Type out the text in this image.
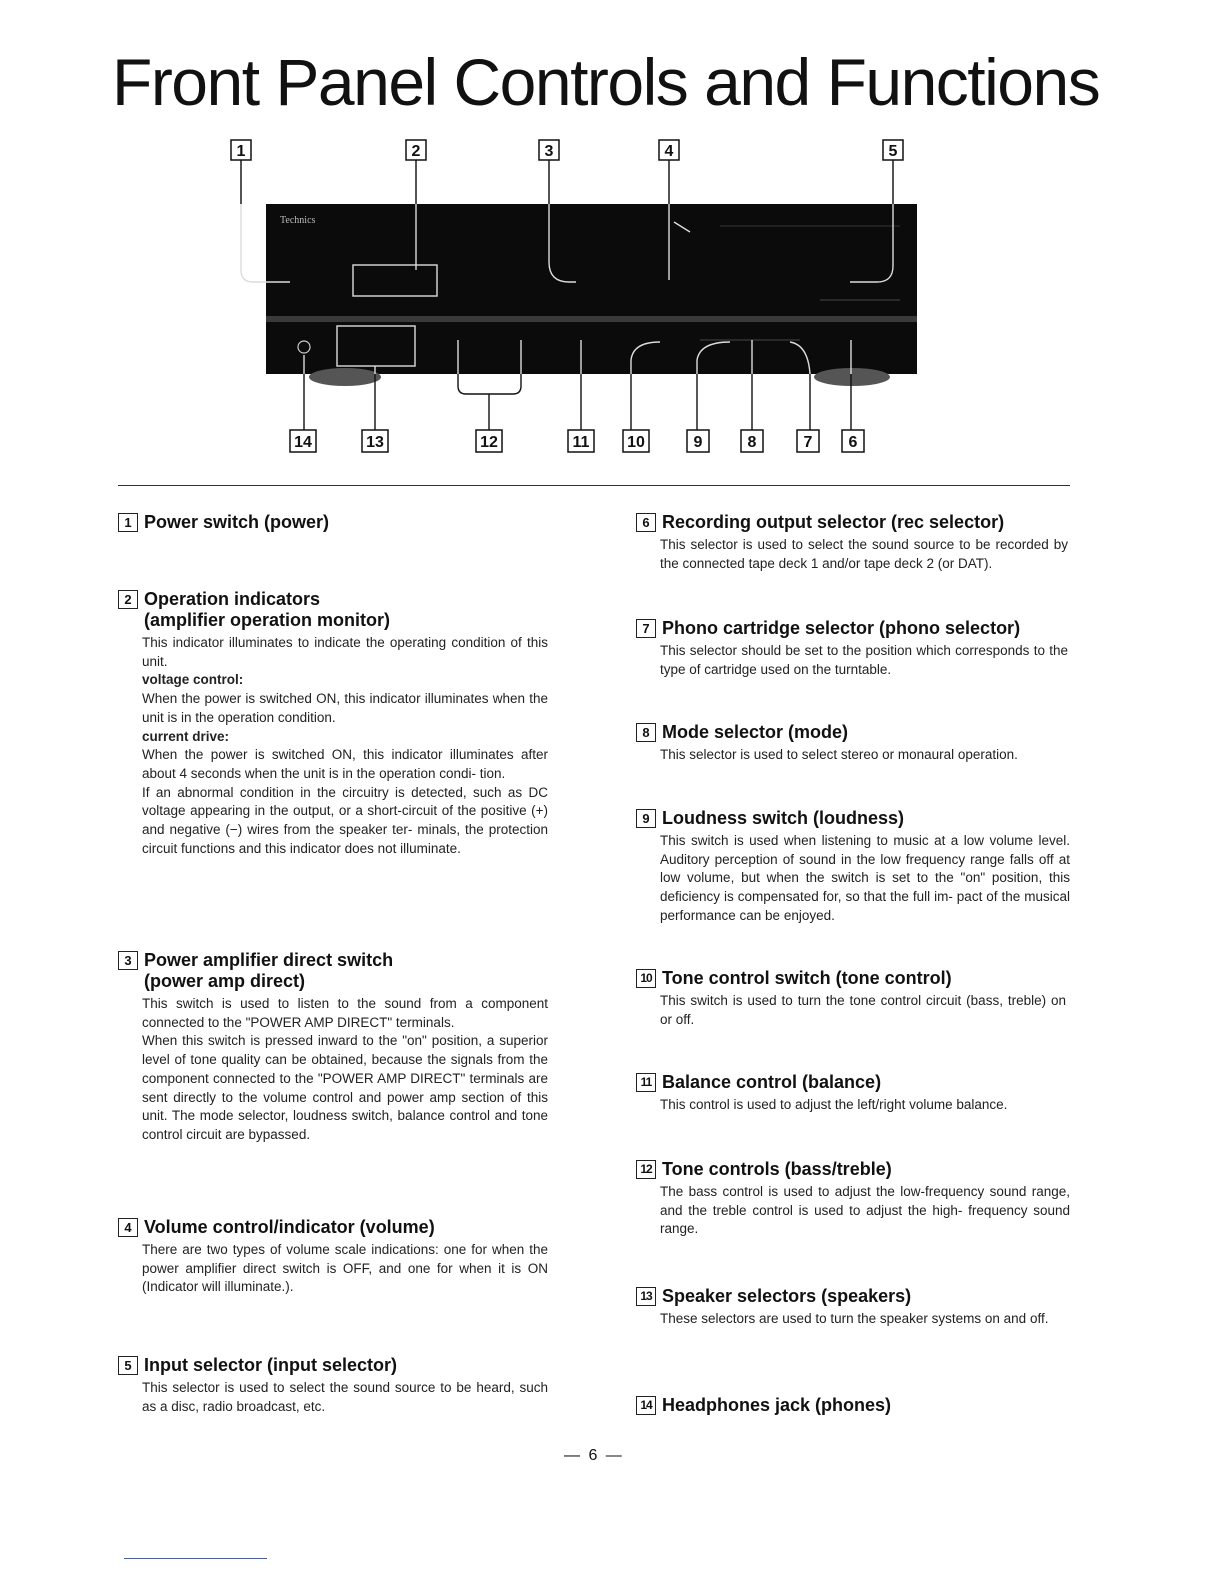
Front Panel Controls and Functions
Technics
1	2	3	4	5
14	13	12	11 10	9	8	7 6
1 Power switch (power)
2 Operation indicators
(amplifier operation monitor)

This indicator illuminates to indicate the operating condition of this unit.

voltage control:
When the power is switched ON, this indicator illuminates when the unit is in the operation condition.

current drive:
When the power is switched ON, this indicator illuminates after about 4 seconds when the unit is in the operation condi- tion.

If an abnormal condition in the circuitry is detected, such as DC voltage appearing in the output, or a short-circuit of the positive (+) and negative (−) wires from the speaker ter- minals, the protection circuit functions and this indicator does not illuminate.

3 Power amplifier direct switch
(power amp direct)

This switch is used to listen to the sound from a component connected to the "POWER AMP DIRECT" terminals.

When this switch is pressed inward to the "on" position, a superior level of tone quality can be obtained, because the signals from the component connected to the "POWER AMP DIRECT" terminals are sent directly to the volume control and power amp section of this unit. The mode selector, loudness switch, balance control and tone control circuit are bypassed.

4 Volume control/indicator (volume)

There are two types of volume scale indications: one for when the power amplifier direct switch is OFF, and one for when it is ON (Indicator will illuminate.).

5 Input selector (input selector)

This selector is used to select the sound source to be heard, such as a disc, radio broadcast, etc.

6 Recording output selector (rec selector)

This selector is used to select the sound source to be recorded by the connected tape deck 1 and/or tape deck 2 (or DAT).

7 Phono cartridge selector (phono selector)

This selector should be set to the position which corresponds to the type of cartridge used on the turntable.

8 Mode selector (mode)

This selector is used to select stereo or monaural operation.

9 Loudness switch (loudness)

This switch is used when listening to music at a low volume level. Auditory perception of sound in the low frequency range falls off at low volume, but when the switch is set to the "on" position, this deficiency is compensated for, so that the full im- pact of the musical performance can be enjoyed.

10 Tone control switch (tone control)

This switch is used to turn the tone control circuit (bass, treble) on or off.

11 Balance control (balance)

This control is used to adjust the left/right volume balance.

12 Tone controls (bass/treble)

The bass control is used to adjust the low-frequency sound range, and the treble control is used to adjust the high- frequency sound range.

13 Speaker selectors (speakers)

These selectors are used to turn the speaker systems on and off.

14 Headphones jack (phones)
— 6 —
